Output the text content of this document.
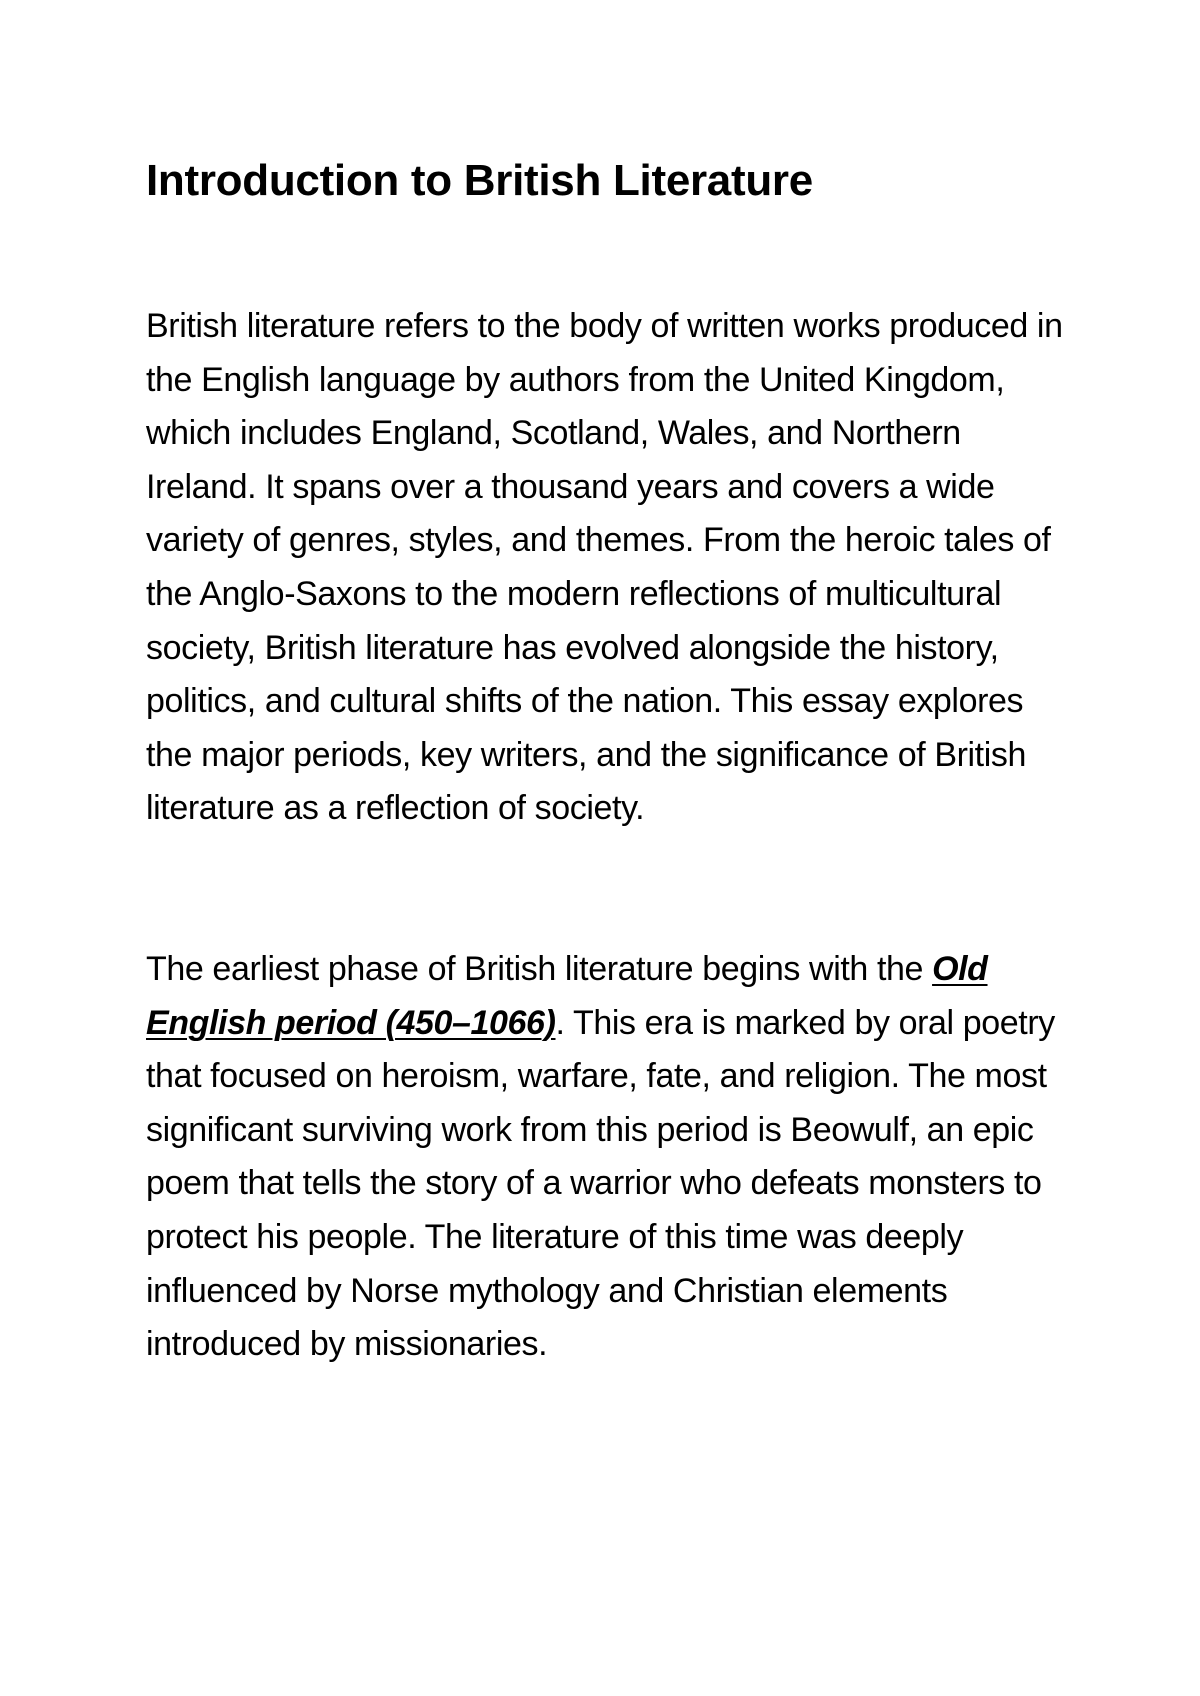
Introduction to British Literature

British literature refers to the body of written works produced in the English language by authors from the United Kingdom, which includes England, Scotland, Wales, and Northern Ireland. It spans over a thousand years and covers a wide variety of genres, styles, and themes. From the heroic tales of the Anglo-Saxons to the modern reflections of multicultural society, British literature has evolved alongside the history, politics, and cultural shifts of the nation. This essay explores the major periods, key writers, and the significance of British literature as a reflection of society.

The earliest phase of British literature begins with the Old English period (450–1066). This era is marked by oral poetry that focused on heroism, warfare, fate, and religion. The most significant surviving work from this period is Beowulf, an epic poem that tells the story of a warrior who defeats monsters to protect his people. The literature of this time was deeply influenced by Norse mythology and Christian elements introduced by missionaries.
